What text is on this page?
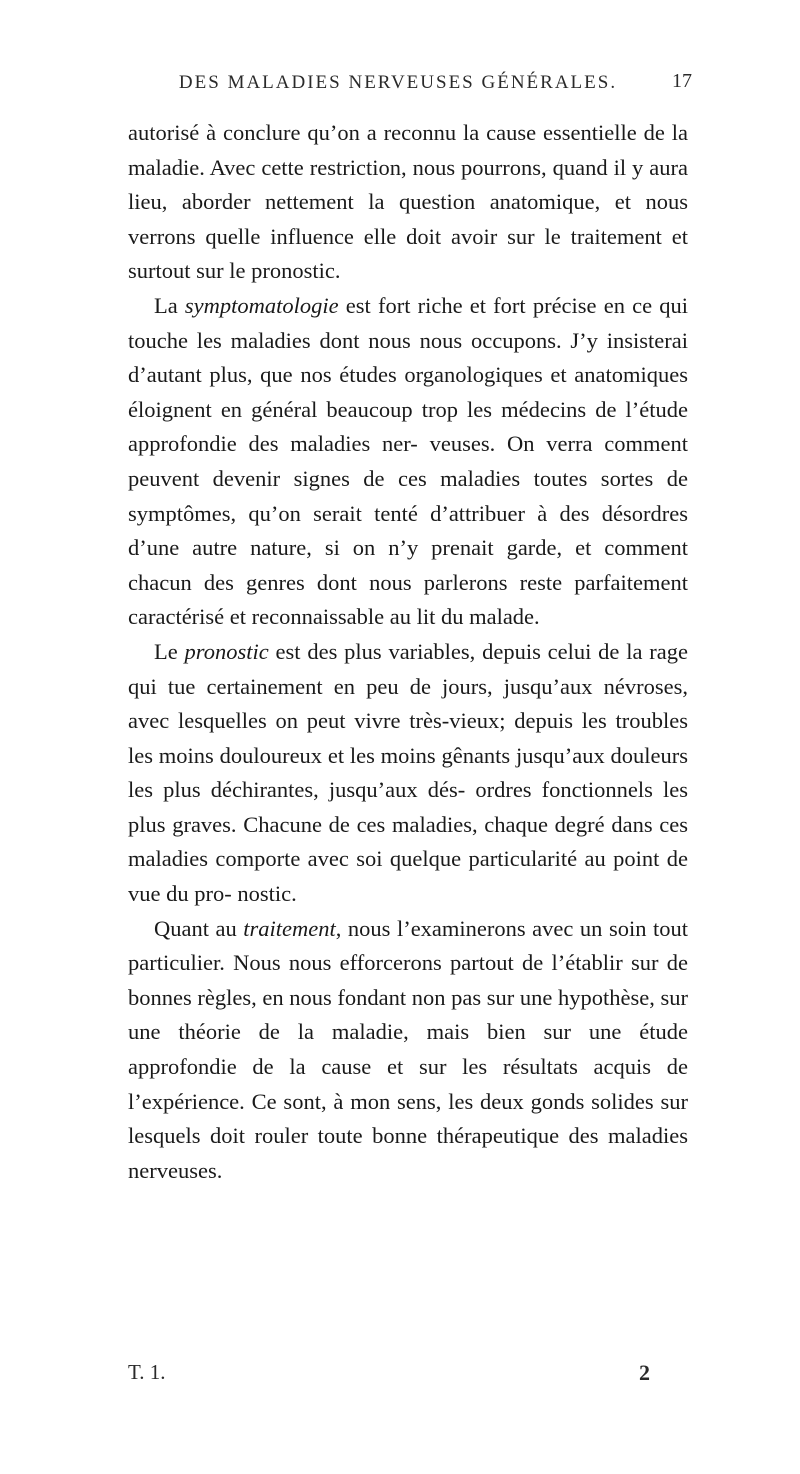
DES MALADIES NERVEUSES GÉNÉRALES.	17

autorisé à conclure qu’on a reconnu la cause essentielle de la maladie. Avec cette restriction, nous pourrons, quand il y aura lieu, aborder nettement la question anatomique, et nous verrons quelle influence elle doit avoir sur le traitement et surtout sur le pronostic.

La symptomatologie est fort riche et fort précise en ce qui touche les maladies dont nous nous occupons. J’y insisterai d’autant plus, que nos études organologiques et anatomiques éloignent en général beaucoup trop les médecins de l’étude approfondie des maladies ner- veuses. On verra comment peuvent devenir signes de ces maladies toutes sortes de symptômes, qu’on serait tenté d’attribuer à des désordres d’une autre nature, si on n’y prenait garde, et comment chacun des genres dont nous parlerons reste parfaitement caractérisé et reconnaissable au lit du malade.

Le pronostic est des plus variables, depuis celui de la rage qui tue certainement en peu de jours, jusqu’aux névroses, avec lesquelles on peut vivre très-vieux; depuis les troubles les moins douloureux et les moins gênants jusqu’aux douleurs les plus déchirantes, jusqu’aux dés- ordres fonctionnels les plus graves. Chacune de ces maladies, chaque degré dans ces maladies comporte avec soi quelque particularité au point de vue du pro- nostic.

Quant au traitement, nous l’examinerons avec un soin tout particulier. Nous nous efforcerons partout de l’établir sur de bonnes règles, en nous fondant non pas sur une hypothèse, sur une théorie de la maladie, mais bien sur une étude approfondie de la cause et sur les résultats acquis de l’expérience. Ce sont, à mon sens, les deux gonds solides sur lesquels doit rouler toute bonne thérapeutique des maladies nerveuses.

T. 1.	2
